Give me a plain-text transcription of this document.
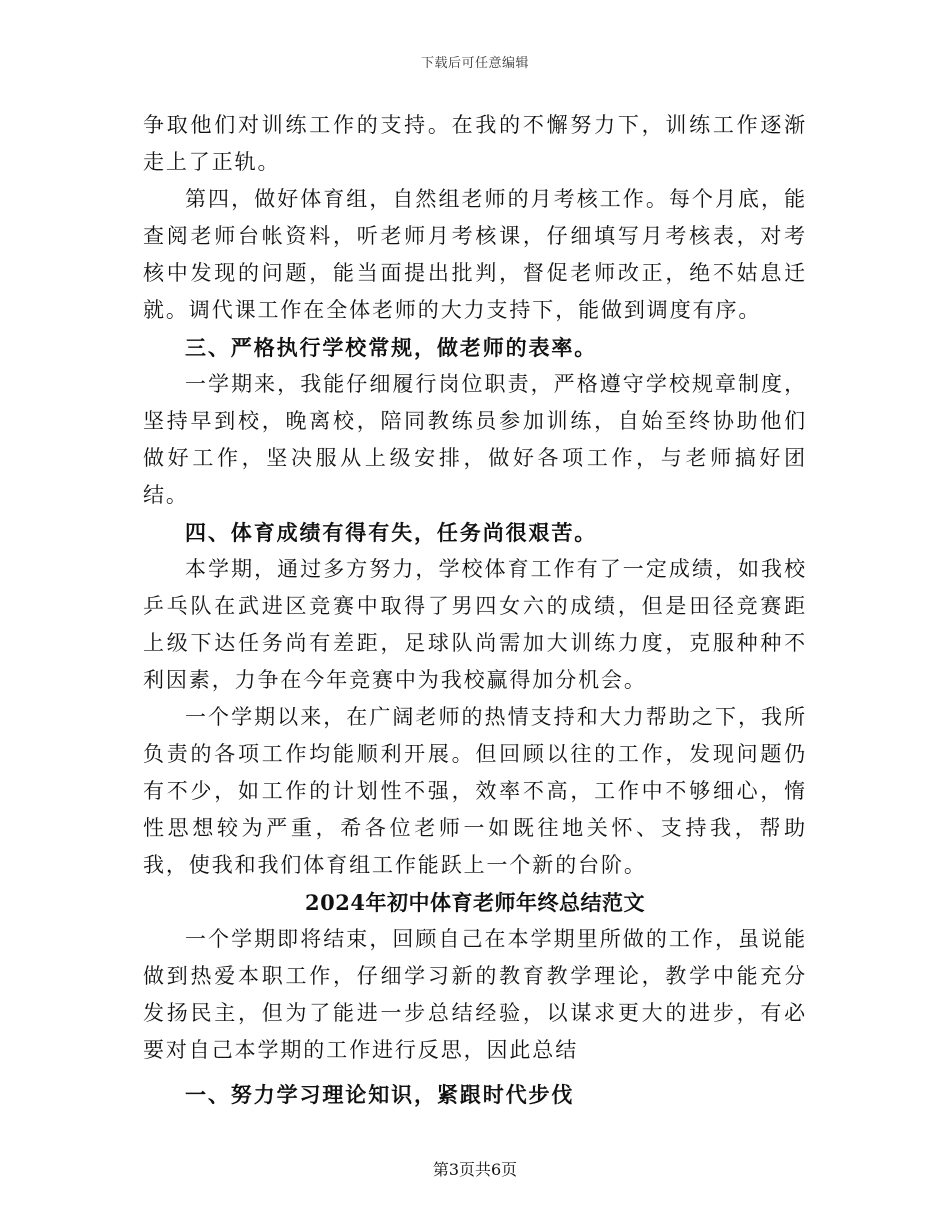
下载后可任意编辑

争取他们对训练工作的支持。在我的不懈努力下，训练工作逐渐走上了正轨。

第四，做好体育组，自然组老师的月考核工作。每个月底，能查阅老师台帐资料，听老师月考核课，仔细填写月考核表，对考核中发现的问题，能当面提出批判，督促老师改正，绝不姑息迁就。调代课工作在全体老师的大力支持下，能做到调度有序。

三、严格执行学校常规，做老师的表率。

一学期来，我能仔细履行岗位职责，严格遵守学校规章制度，坚持早到校，晚离校，陪同教练员参加训练，自始至终协助他们做好工作，坚决服从上级安排，做好各项工作，与老师搞好团结。

四、体育成绩有得有失，任务尚很艰苦。

本学期，通过多方努力，学校体育工作有了一定成绩，如我校乒乓队在武进区竞赛中取得了男四女六的成绩，但是田径竞赛距上级下达任务尚有差距，足球队尚需加大训练力度，克服种种不利因素，力争在今年竞赛中为我校赢得加分机会。

一个学期以来，在广阔老师的热情支持和大力帮助之下，我所负责的各项工作均能顺利开展。但回顾以往的工作，发现问题仍有不少，如工作的计划性不强，效率不高，工作中不够细心，惰性思想较为严重，希各位老师一如既往地关怀、支持我，帮助我，使我和我们体育组工作能跃上一个新的台阶。

2024年初中体育老师年终总结范文

一个学期即将结束，回顾自己在本学期里所做的工作，虽说能做到热爱本职工作，仔细学习新的教育教学理论，教学中能充分发扬民主，但为了能进一步总结经验，以谋求更大的进步，有必要对自己本学期的工作进行反思，因此总结

一、努力学习理论知识，紧跟时代步伐

第3页共6页
